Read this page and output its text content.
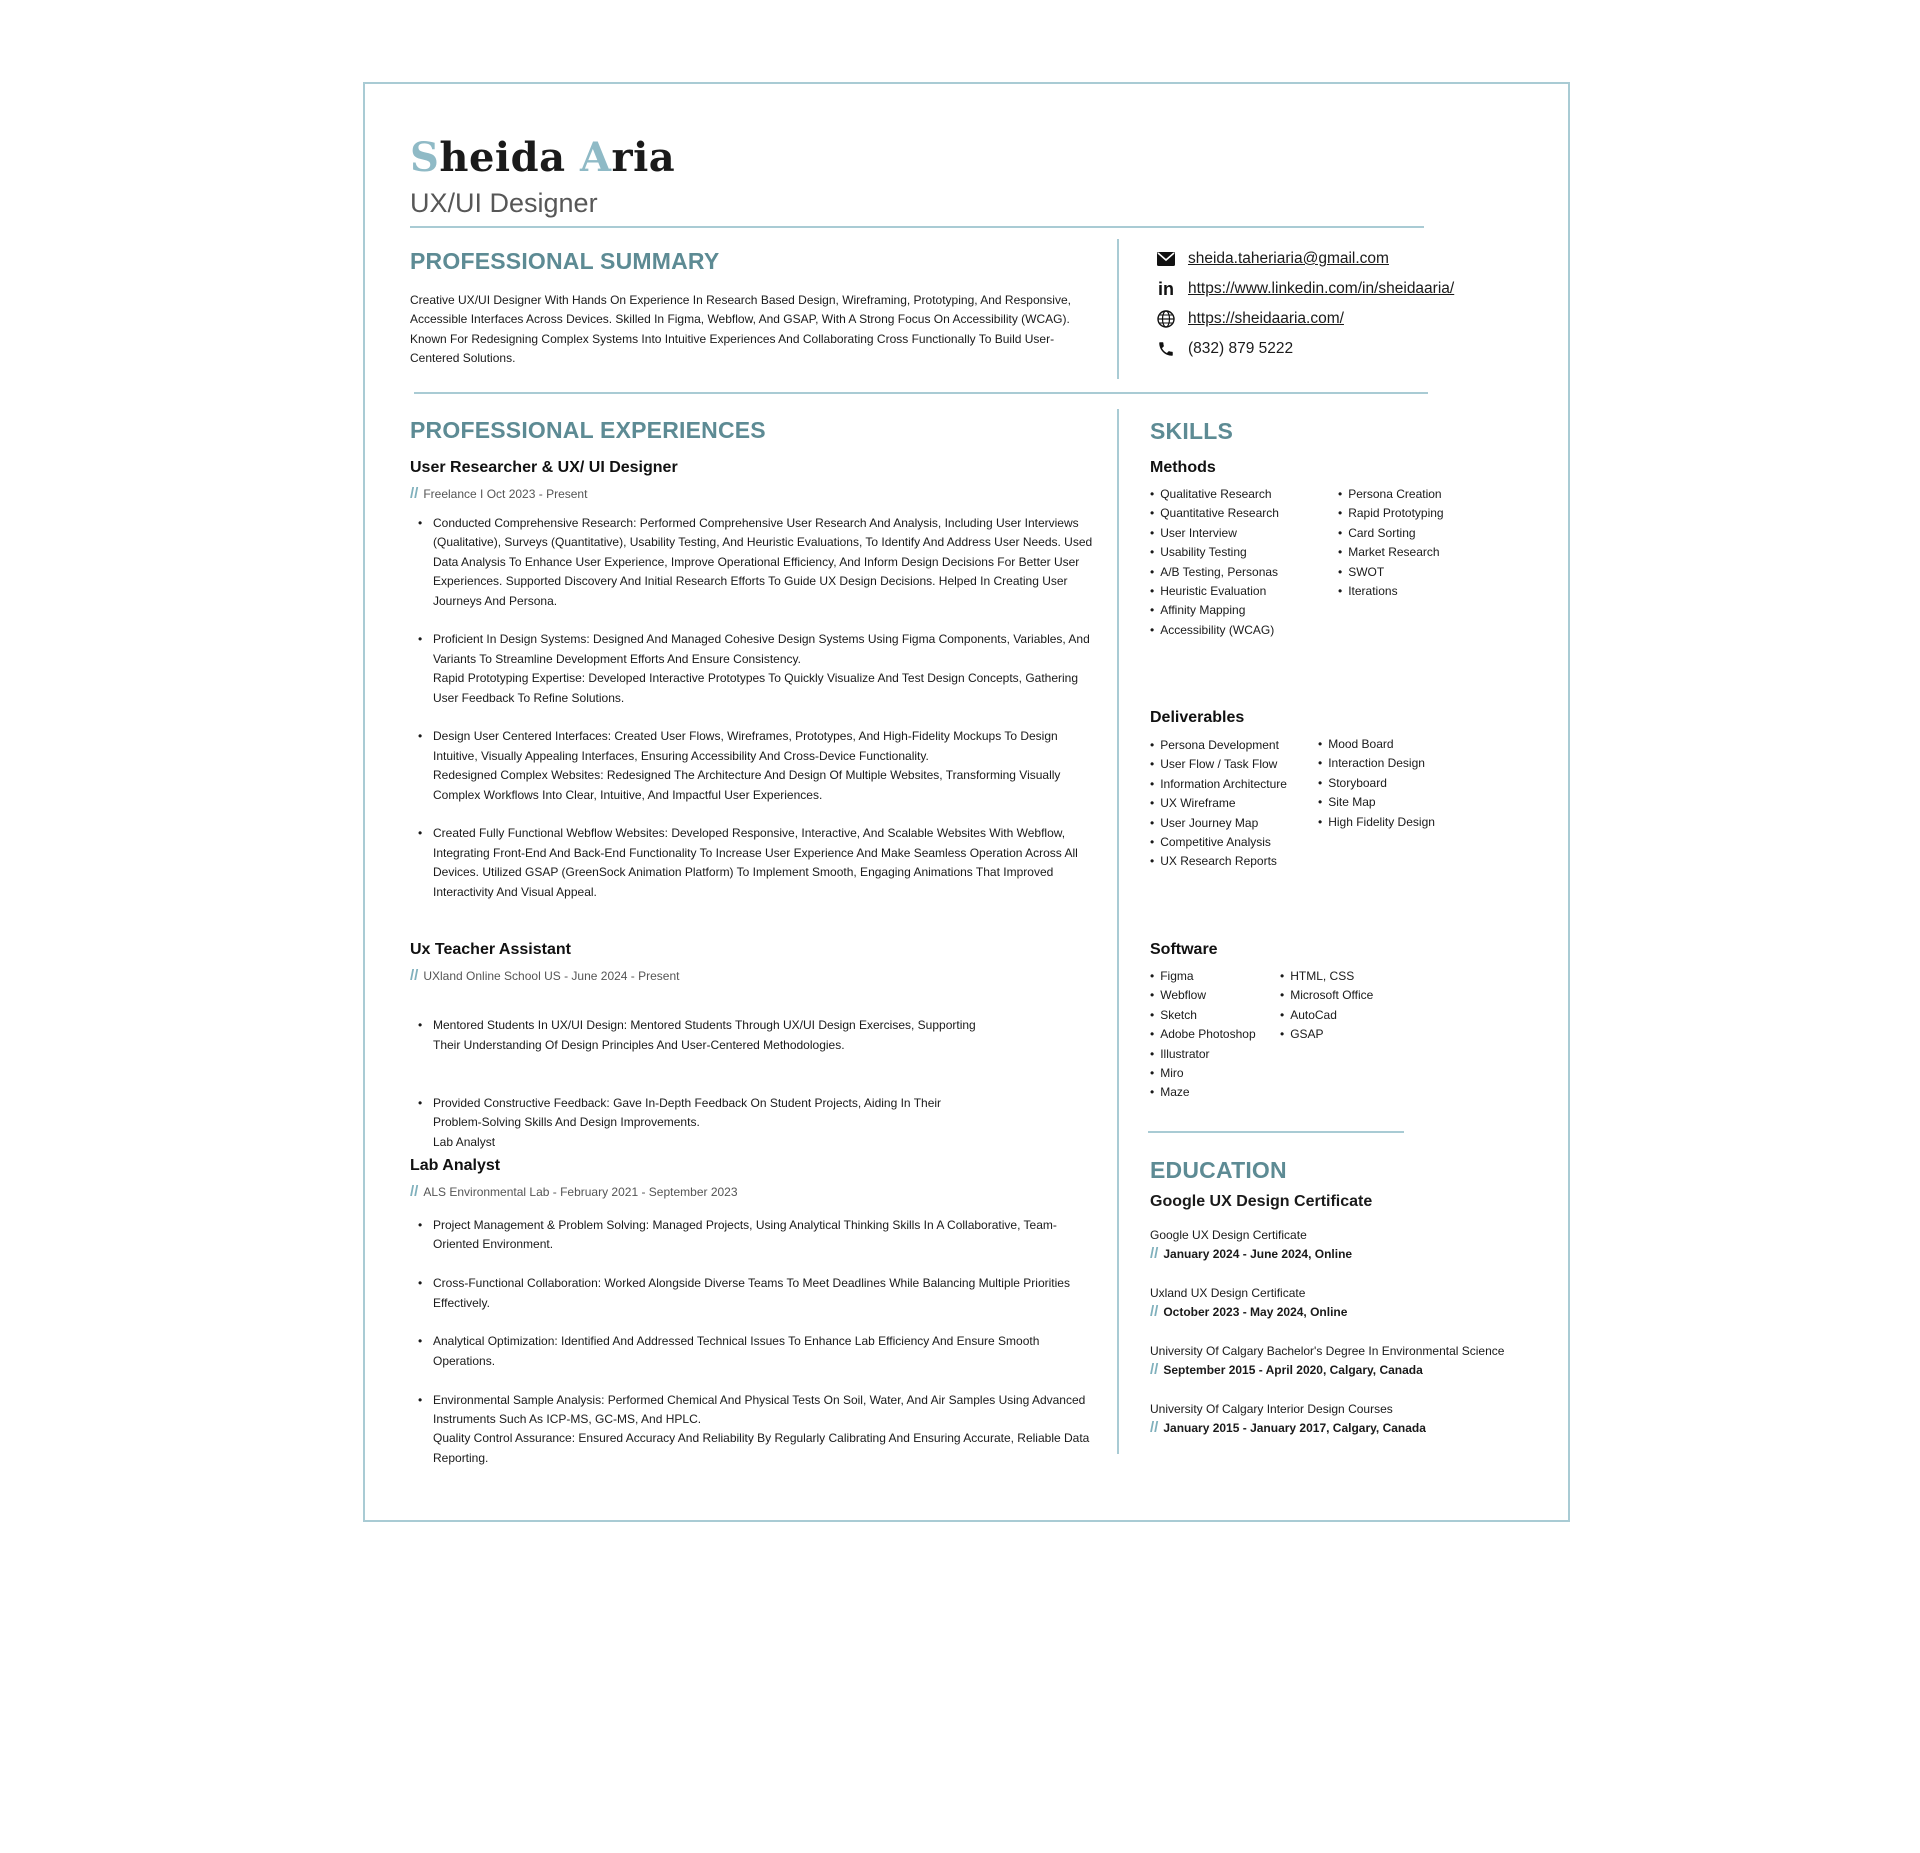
Sheida Aria
UX/UI Designer
PROFESSIONAL SUMMARY
Creative UX/UI Designer With Hands On Experience In Research Based Design, Wireframing, Prototyping, And Responsive, Accessible Interfaces Across Devices. Skilled In Figma, Webflow, And GSAP, With A Strong Focus On Accessibility (WCAG). Known For Redesigning Complex Systems Into Intuitive Experiences And Collaborating Cross Functionally To Build User-Centered Solutions.
sheida.taheriaria@gmail.com
in https://www.linkedin.com/in/sheidaaria/
https://sheidaaria.com/
(832) 879 5222
PROFESSIONAL EXPERIENCES
User Researcher & UX/ UI Designer
// Freelance I Oct 2023 - Present
• Conducted Comprehensive Research: Performed Comprehensive User Research And Analysis, Including User Interviews (Qualitative), Surveys (Quantitative), Usability Testing, And Heuristic Evaluations, To Identify And Address User Needs. Used Data Analysis To Enhance User Experience, Improve Operational Efficiency, And Inform Design Decisions For Better User Experiences. Supported Discovery And Initial Research Efforts To Guide UX Design Decisions. Helped In Creating User Journeys And Persona.
• Proficient In Design Systems: Designed And Managed Cohesive Design Systems Using Figma Components, Variables, And Variants To Streamline Development Efforts And Ensure Consistency.
Rapid Prototyping Expertise: Developed Interactive Prototypes To Quickly Visualize And Test Design Concepts, Gathering User Feedback To Refine Solutions.
• Design User Centered Interfaces: Created User Flows, Wireframes, Prototypes, And High-Fidelity Mockups To Design Intuitive, Visually Appealing Interfaces, Ensuring Accessibility And Cross-Device Functionality.
Redesigned Complex Websites: Redesigned The Architecture And Design Of Multiple Websites, Transforming Visually Complex Workflows Into Clear, Intuitive, And Impactful User Experiences.
• Created Fully Functional Webflow Websites: Developed Responsive, Interactive, And Scalable Websites With Webflow, Integrating Front-End And Back-End Functionality To Increase User Experience And Make Seamless Operation Across All Devices. Utilized GSAP (GreenSock Animation Platform) To Implement Smooth, Engaging Animations That Improved Interactivity And Visual Appeal.
Ux Teacher Assistant
// UXland Online School US - June 2024 - Present

• Mentored Students In UX/UI Design: Mentored Students Through UX/UI Design Exercises, Supporting
Their Understanding Of Design Principles And User-Centered Methodologies.

• Provided Constructive Feedback: Gave In-Depth Feedback On Student Projects, Aiding In Their
Problem-Solving Skills And Design Improvements.
Lab Analyst

Lab Analyst
// ALS Environmental Lab - February 2021 - September 2023
• Project Management & Problem Solving: Managed Projects, Using Analytical Thinking Skills In A Collaborative, Team-Oriented Environment.
• Cross-Functional Collaboration: Worked Alongside Diverse Teams To Meet Deadlines While Balancing Multiple Priorities Effectively.
• Analytical Optimization: Identified And Addressed Technical Issues To Enhance Lab Efficiency And Ensure Smooth Operations.
• Environmental Sample Analysis: Performed Chemical And Physical Tests On Soil, Water, And Air Samples Using Advanced Instruments Such As ICP-MS, GC-MS, And HPLC.
Quality Control Assurance: Ensured Accuracy And Reliability By Regularly Calibrating And Ensuring Accurate, Reliable Data Reporting.
SKILLS
Methods
• Qualitative Research
• Quantitative Research
• User Interview
• Usability Testing
• A/B Testing, Personas
• Heuristic Evaluation
• Affinity Mapping
• Accessibility (WCAG)
• Persona Creation
• Rapid Prototyping
• Card Sorting
• Market Research
• SWOT
• Iterations
Deliverables
• Persona Development
• User Flow / Task Flow
• Information Architecture
• UX Wireframe
• User Journey Map
• Competitive Analysis
• UX Research Reports
• Mood Board
• Interaction Design
• Storyboard
• Site Map
• High Fidelity Design
Software
• Figma
• Webflow
• Sketch
• Adobe Photoshop
• Illustrator
• Miro
• Maze
• HTML, CSS
• Microsoft Office
• AutoCad
• GSAP
EDUCATION
Google UX Design Certificate
Google UX Design Certificate
// January 2024 - June 2024, Online
Uxland UX Design Certificate
// October 2023 - May 2024, Online
University Of Calgary Bachelor's Degree In Environmental Science
// September 2015 - April 2020, Calgary, Canada
University Of Calgary Interior Design Courses
// January 2015 - January 2017, Calgary, Canada
